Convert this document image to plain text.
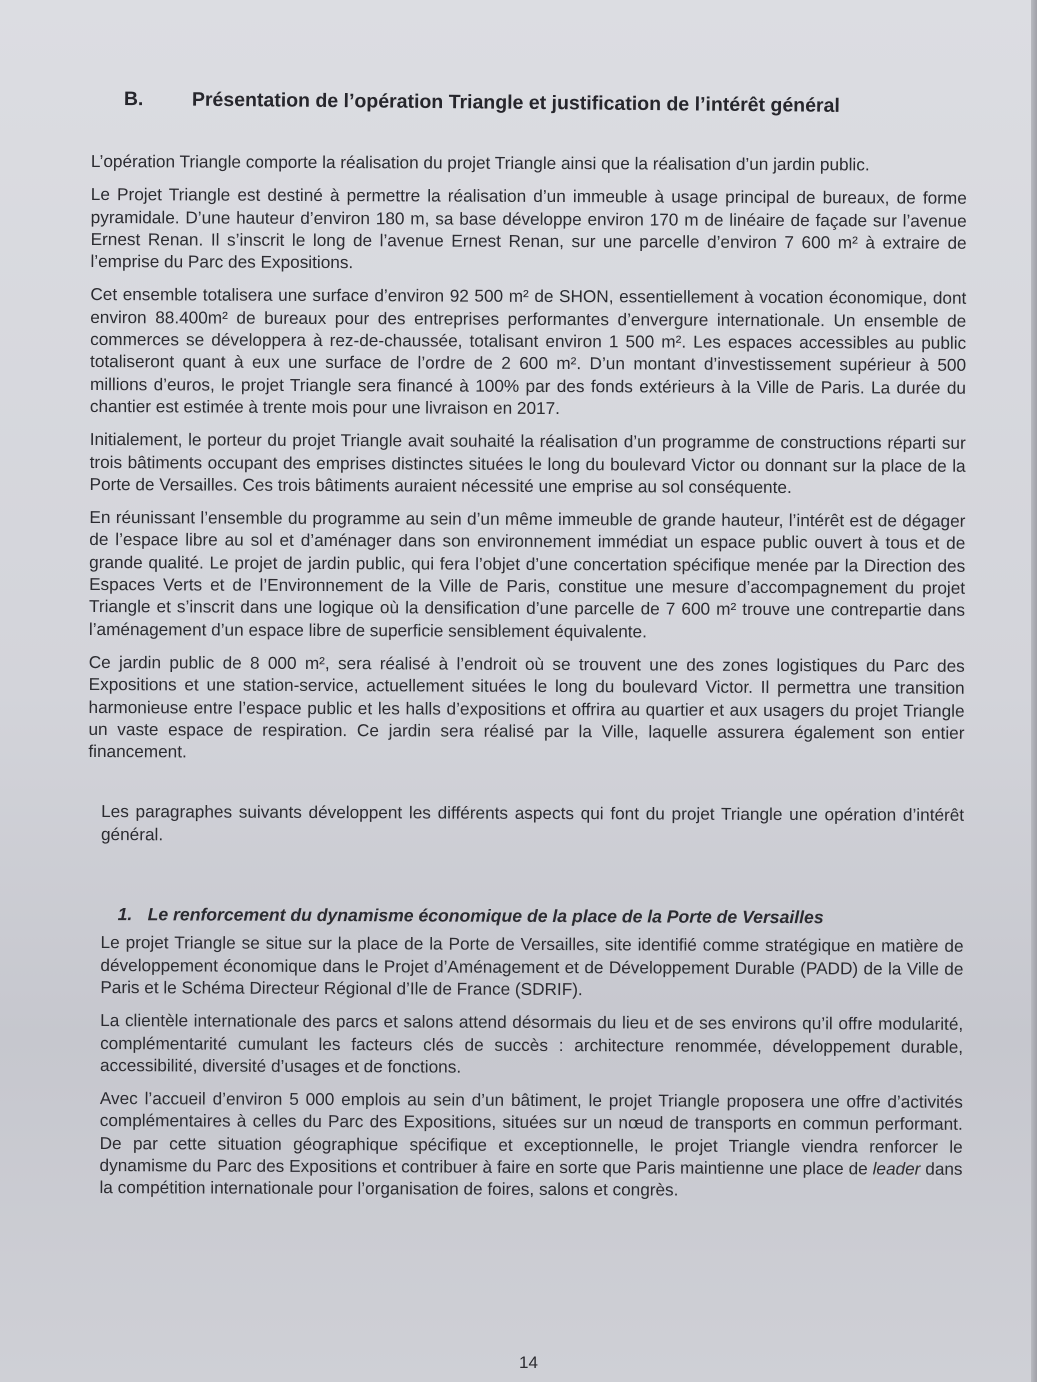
B. Présentation de l’opération Triangle et justification de l’intérêt général

L’opération Triangle comporte la réalisation du projet Triangle ainsi que la réalisation d’un jardin public.

Le Projet Triangle est destiné à permettre la réalisation d’un immeuble à usage principal de bureaux, de forme pyramidale. D’une hauteur d’environ 180 m, sa base développe environ 170 m de linéaire de façade sur l’avenue Ernest Renan. Il s’inscrit le long de l’avenue Ernest Renan, sur une parcelle d’environ 7 600 m² à extraire de l’emprise du Parc des Expositions.

Cet ensemble totalisera une surface d’environ 92 500 m² de SHON, essentiellement à vocation économique, dont environ 88.400m² de bureaux pour des entreprises performantes d’envergure internationale. Un ensemble de commerces se développera à rez-de-chaussée, totalisant environ 1 500 m². Les espaces accessibles au public totaliseront quant à eux une surface de l’ordre de 2 600 m². D’un montant d’investissement supérieur à 500 millions d’euros, le projet Triangle sera financé à 100% par des fonds extérieurs à la Ville de Paris. La durée du chantier est estimée à trente mois pour une livraison en 2017.

Initialement, le porteur du projet Triangle avait souhaité la réalisation d’un programme de constructions réparti sur trois bâtiments occupant des emprises distinctes situées le long du boulevard Victor ou donnant sur la place de la Porte de Versailles. Ces trois bâtiments auraient nécessité une emprise au sol conséquente.

En réunissant l’ensemble du programme au sein d’un même immeuble de grande hauteur, l’intérêt est de dégager de l’espace libre au sol et d’aménager dans son environnement immédiat un espace public ouvert à tous et de grande qualité. Le projet de jardin public, qui fera l’objet d’une concertation spécifique menée par la Direction des Espaces Verts et de l’Environnement de la Ville de Paris, constitue une mesure d’accompagnement du projet Triangle et s’inscrit dans une logique où la densification d’une parcelle de 7 600 m² trouve une contrepartie dans l’aménagement d’un espace libre de superficie sensiblement équivalente.

Ce jardin public de 8 000 m², sera réalisé à l’endroit où se trouvent une des zones logistiques du Parc des Expositions et une station-service, actuellement situées le long du boulevard Victor. Il permettra une transition harmonieuse entre l’espace public et les halls d’expositions et offrira au quartier et aux usagers du projet Triangle un vaste espace de respiration. Ce jardin sera réalisé par la Ville, laquelle assurera également son entier financement.

Les paragraphes suivants développent les différents aspects qui font du projet Triangle une opération d’intérêt général.

1. Le renforcement du dynamisme économique de la place de la Porte de Versailles

Le projet Triangle se situe sur la place de la Porte de Versailles, site identifié comme stratégique en matière de développement économique dans le Projet d’Aménagement et de Développement Durable (PADD) de la Ville de Paris et le Schéma Directeur Régional d’Ile de France (SDRIF).

La clientèle internationale des parcs et salons attend désormais du lieu et de ses environs qu’il offre modularité, complémentarité cumulant les facteurs clés de succès : architecture renommée, développement durable, accessibilité, diversité d’usages et de fonctions.

Avec l’accueil d’environ 5 000 emplois au sein d’un bâtiment, le projet Triangle proposera une offre d’activités complémentaires à celles du Parc des Expositions, situées sur un nœud de transports en commun performant. De par cette situation géographique spécifique et exceptionnelle, le projet Triangle viendra renforcer le dynamisme du Parc des Expositions et contribuer à faire en sorte que Paris maintienne une place de leader dans la compétition internationale pour l’organisation de foires, salons et congrès.

14
